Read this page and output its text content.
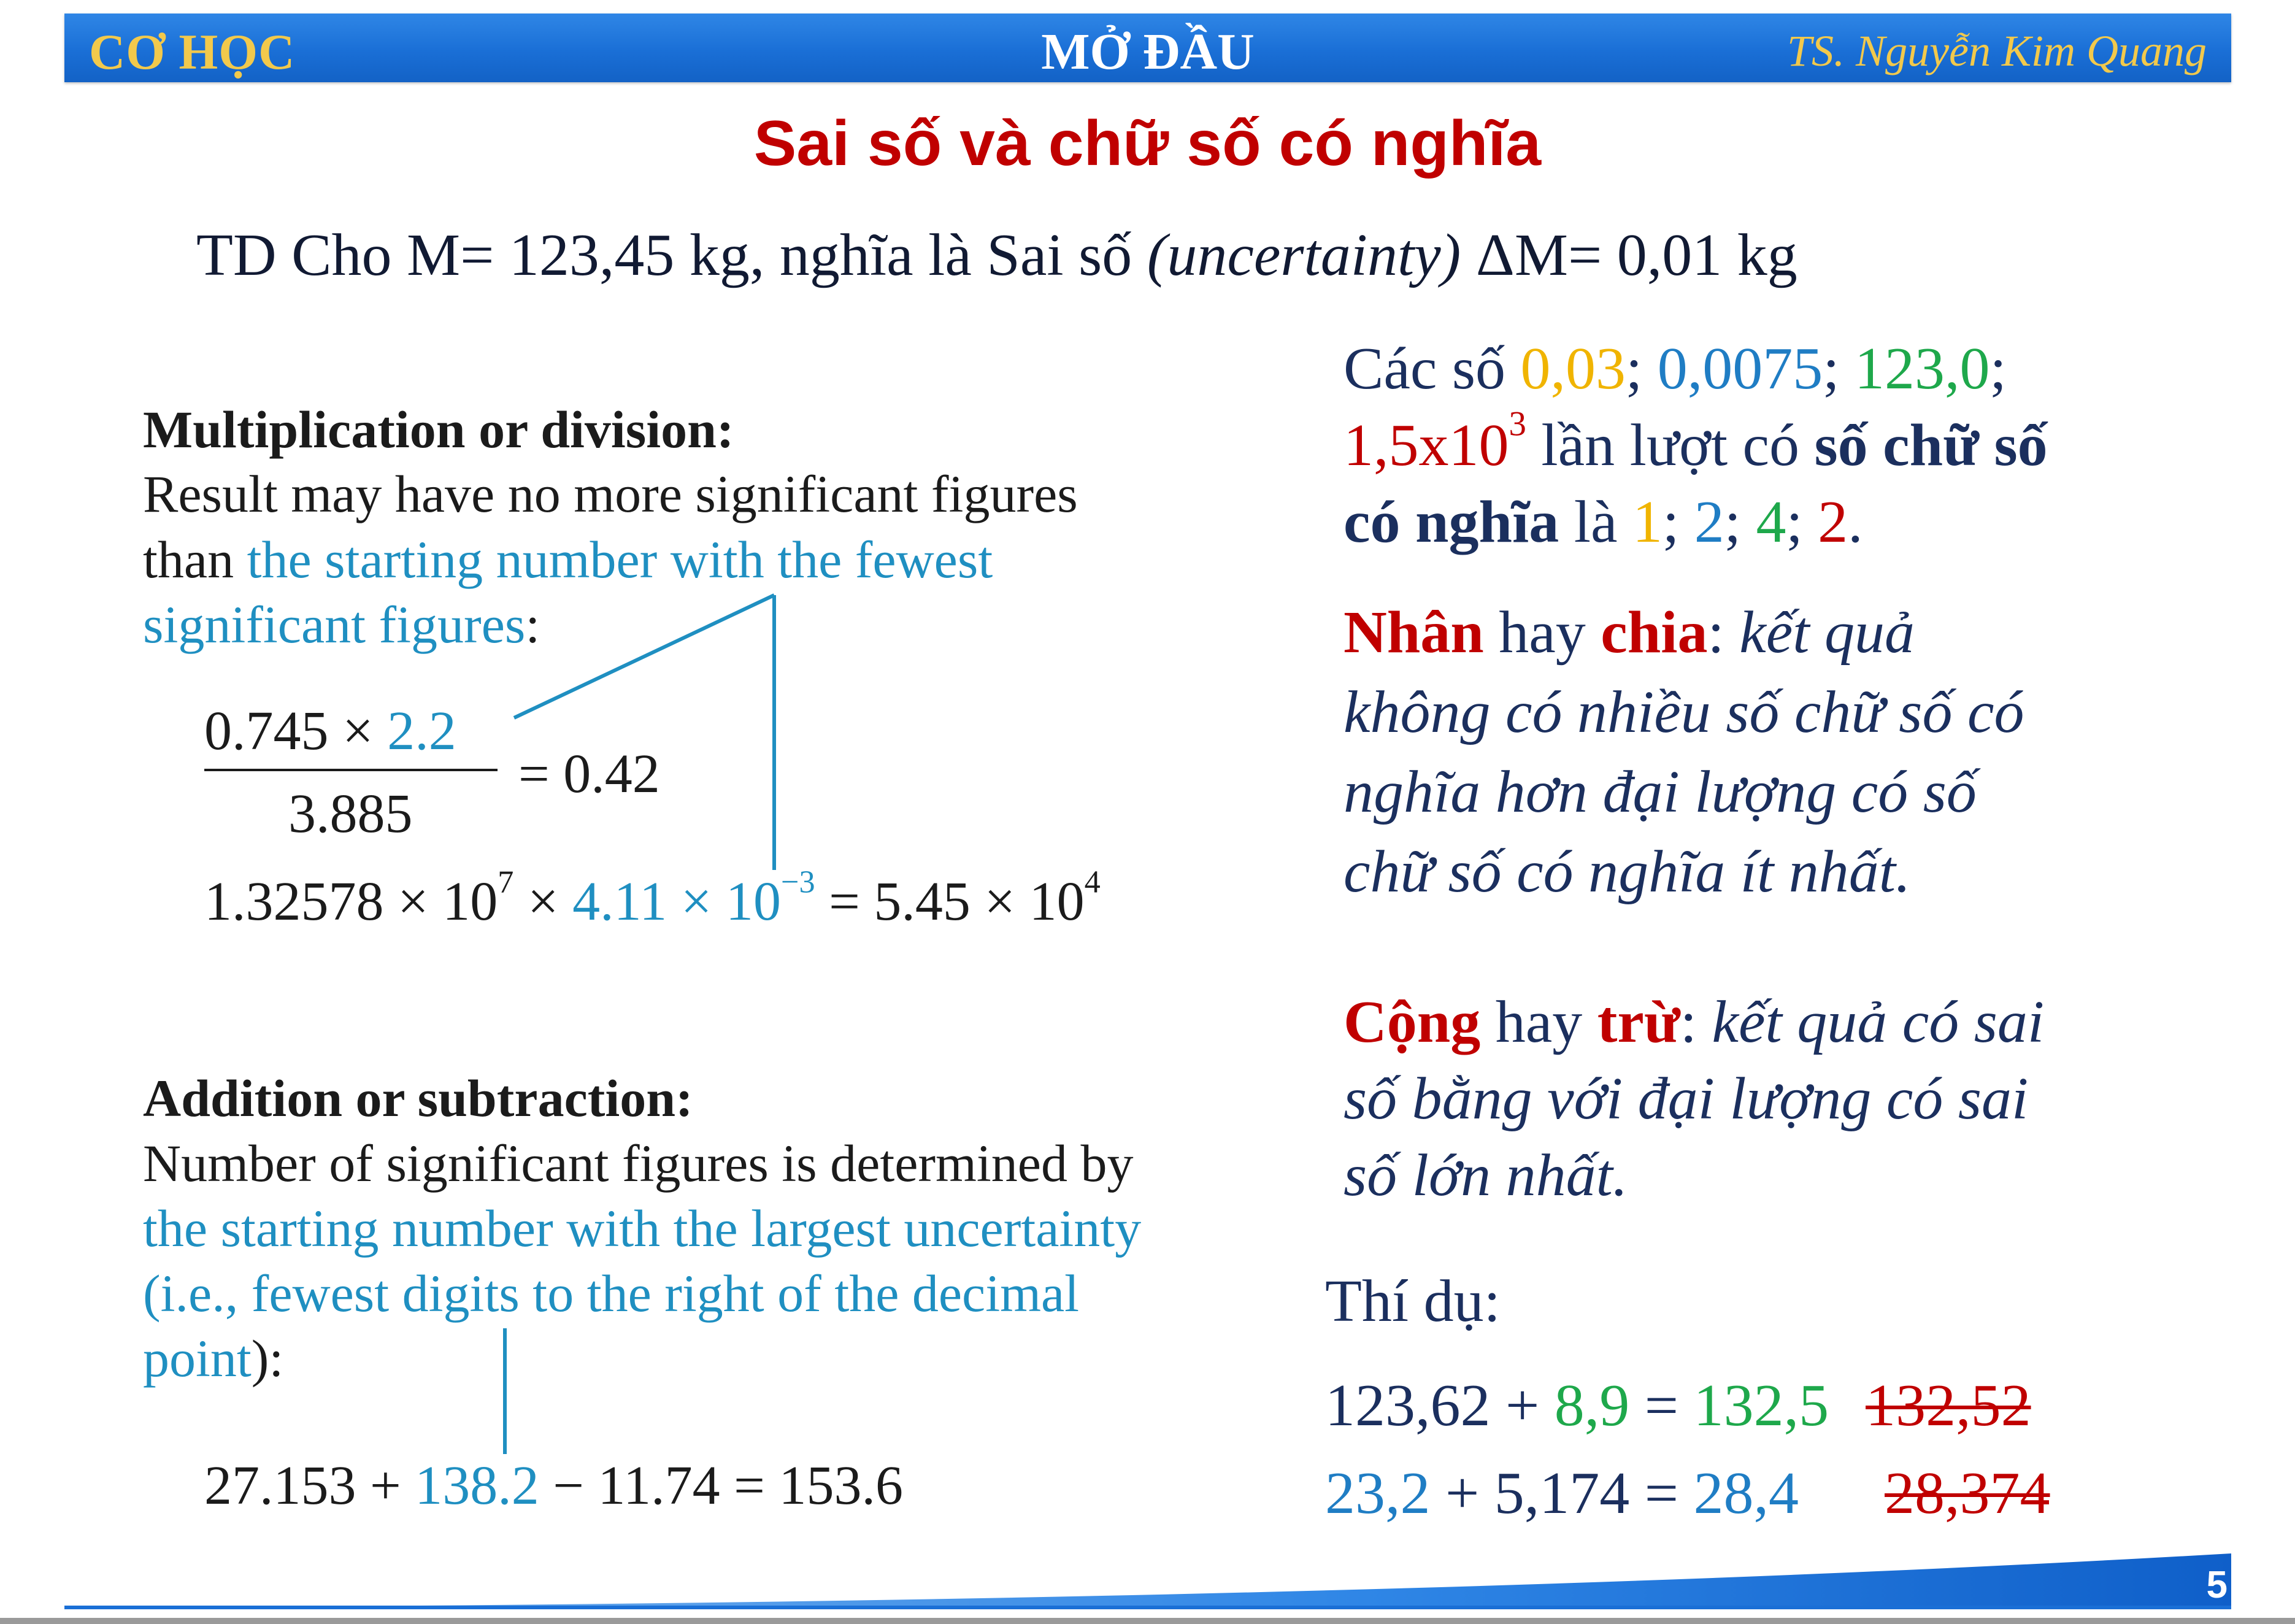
CƠ HỌC	MỞ ĐẦU	TS. Nguyễn Kim Quang
Sai số và chữ số có nghĩa
TD Cho M= 123,45 kg, nghĩa là Sai số (uncertainty) ΔM= 0,01 kg
Multiplication or division:
Result may have no more significant figures
than the starting number with the fewest
significant figures:
0.745 × 2.2
3.885
= 0.42
$1.32578 \times 10^7 \times 4.11 \times 10^{-3} = 5.45 \times 10^4$
Addition or subtraction:
Number of significant figures is determined by
the starting number with the largest uncertainty
(i.e., fewest digits to the right of the decimal
point):
27.153 + 138.2 − 11.74 = 153.6
Các số 0,03; 0,0075; 123,0;
$1,5x10^3$ lần lượt có số chữ số
có nghĩa là 1; 2; 4; 2.
Nhân hay chia: kết quả
không có nhiều số chữ số có
nghĩa hơn đại lượng có số
chữ số có nghĩa ít nhất.
Cộng hay trừ: kết quả có sai
số bằng với đại lượng có sai
số lớn nhất.
Thí dụ:
123,62 + 8,9 = 132,5 132,52
23,2 + 5,174 = 28,4 28,374
5
